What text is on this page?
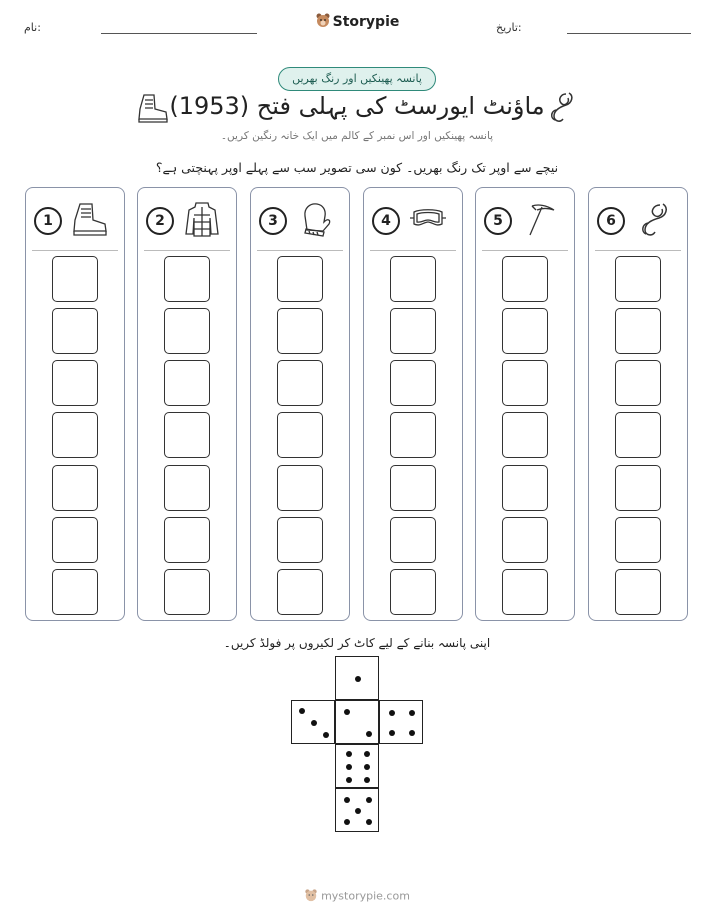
نام:	Storypie	تاریخ:
پانسہ پھینکیں اور رنگ بھریں
ماؤنٹ ایورسٹ کی پہلی فتح (1953)
پانسہ پھینکیں اور اس نمبر کے کالم میں ایک خانہ رنگین کریں۔
نیچے سے اوپر تک رنگ بھریں۔ کون سی تصویر سب سے پہلے اوپر پہنچتی ہے؟
1	2	3	4	5	6
اپنی پانسہ بنانے کے لیے کاٹ کر لکیروں پر فولڈ کریں۔
mystorypie.com
